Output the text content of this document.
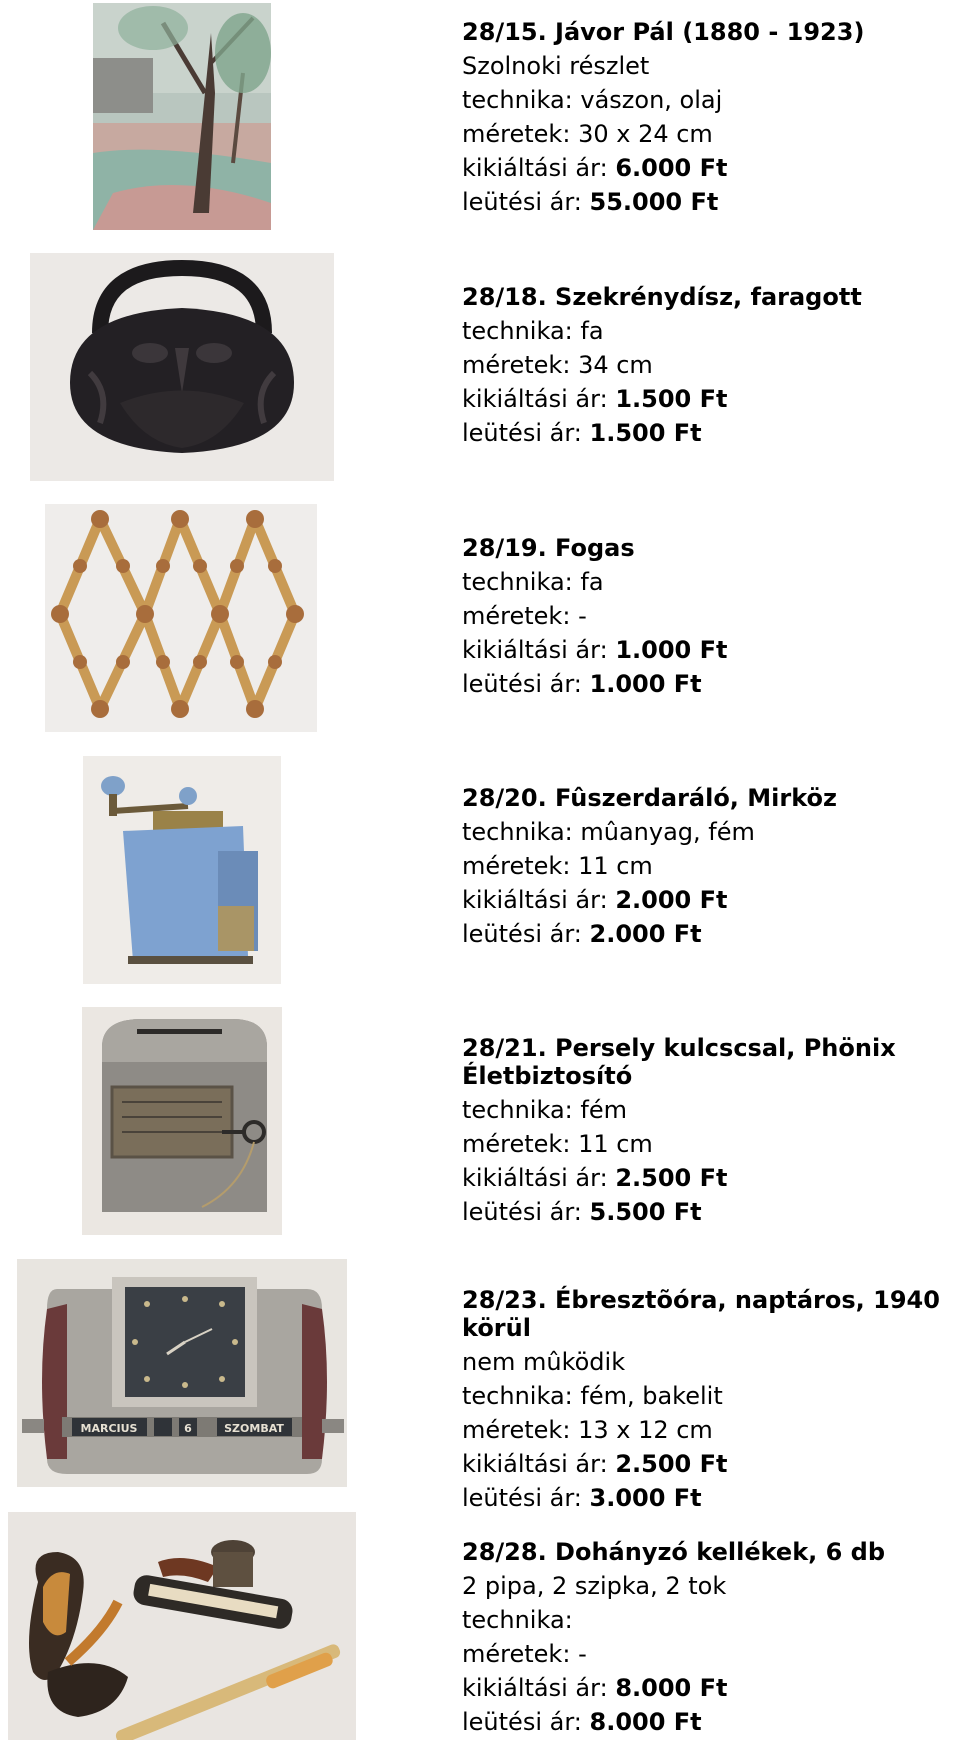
28/15. Jávor Pál (1880 - 1923)
Szolnoki részlet
technika: vászon, olaj
méretek: 30 x 24 cm
kikiáltási ár: 6.000 Ft
leütési ár: 55.000 Ft
28/18. Szekrénydísz, faragott
technika: fa
méretek: 34 cm
kikiáltási ár: 1.500 Ft
leütési ár: 1.500 Ft
28/19. Fogas
technika: fa
méretek: -
kikiáltási ár: 1.000 Ft
leütési ár: 1.000 Ft
28/20. Fûszerdaráló, Mirköz
technika: mûanyag, fém
méretek: 11 cm
kikiáltási ár: 2.000 Ft
leütési ár: 2.000 Ft
28/21. Persely kulcscsal, Phönix
Életbiztosító
technika: fém
méretek: 11 cm
kikiáltási ár: 2.500 Ft
leütési ár: 5.500 Ft
MARCIUS	6	SZOMBAT
28/23. Ébresztõóra, naptáros, 1940
körül
nem mûködik
technika: fém, bakelit
méretek: 13 x 12 cm
kikiáltási ár: 2.500 Ft
leütési ár: 3.000 Ft
28/28. Dohányzó kellékek, 6 db
2 pipa, 2 szipka, 2 tok
technika:
méretek: -
kikiáltási ár: 8.000 Ft
leütési ár: 8.000 Ft
